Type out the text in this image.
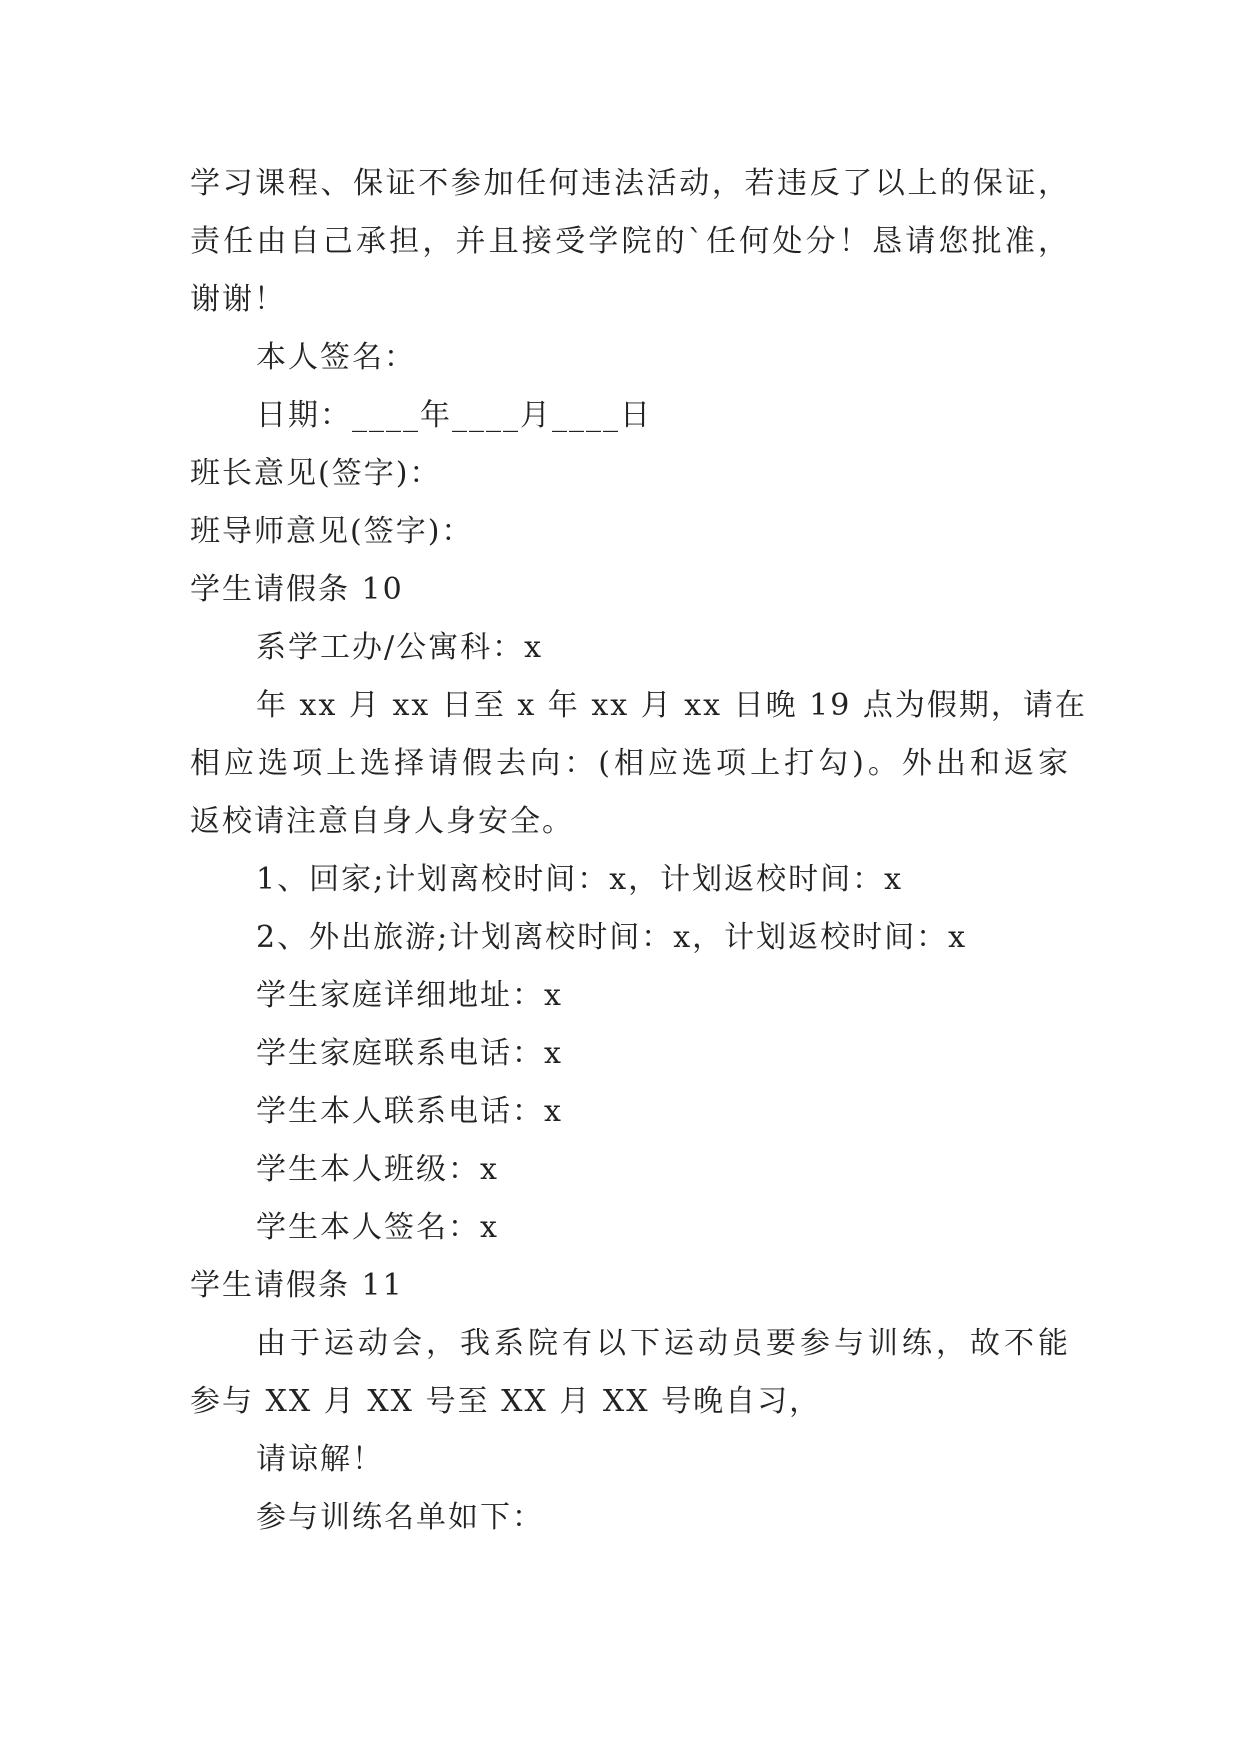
学习课程、保证不参加任何违法活动，若违反了以上的保证，
责任由自己承担，并且接受学院的`任何处分！恳请您批准，
谢谢！
本人签名：
日期：____年____月____日
班长意见(签字)：
班导师意见(签字)：
学生请假条 10
系学工办/公寓科：x
年 xx 月 xx 日至 x 年 xx 月 xx 日晚 19 点为假期，请在
相应选项上选择请假去向：(相应选项上打勾)。外出和返家
返校请注意自身人身安全。
1、回家;计划离校时间：x，计划返校时间：x
2、外出旅游;计划离校时间：x，计划返校时间：x
学生家庭详细地址：x
学生家庭联系电话：x
学生本人联系电话：x
学生本人班级：x
学生本人签名：x
学生请假条 11
由于运动会，我系院有以下运动员要参与训练，故不能
参与 XX 月 XX 号至 XX 月 XX 号晚自习，
请谅解！
参与训练名单如下：
